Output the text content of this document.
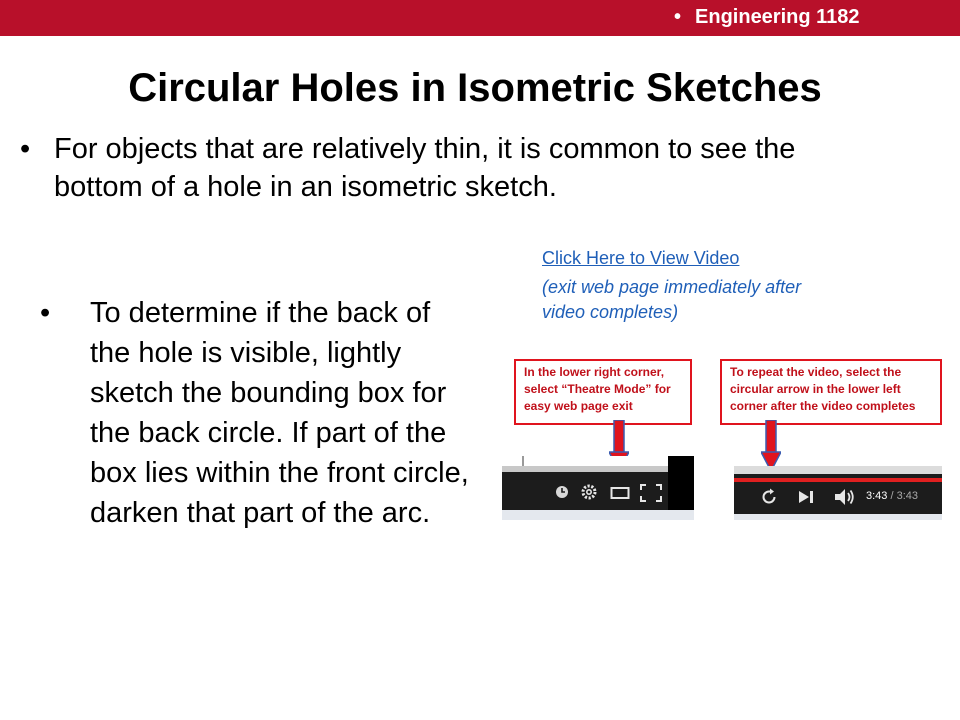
• Engineering 1182
Circular Holes in Isometric Sketches
• For objects that are relatively thin, it is common to see the bottom of a hole in an isometric sketch.
• To determine if the back of the hole is visible, lightly sketch the bounding box for the back circle. If part of the box lies within the front circle, darken that part of the arc.
Click Here to View Video
(exit web page immediately after video completes)
In the lower right corner, select “Theatre Mode” for easy web page exit
To repeat the video, select the circular arrow in the lower left corner after the video completes
3:43 / 3:43
